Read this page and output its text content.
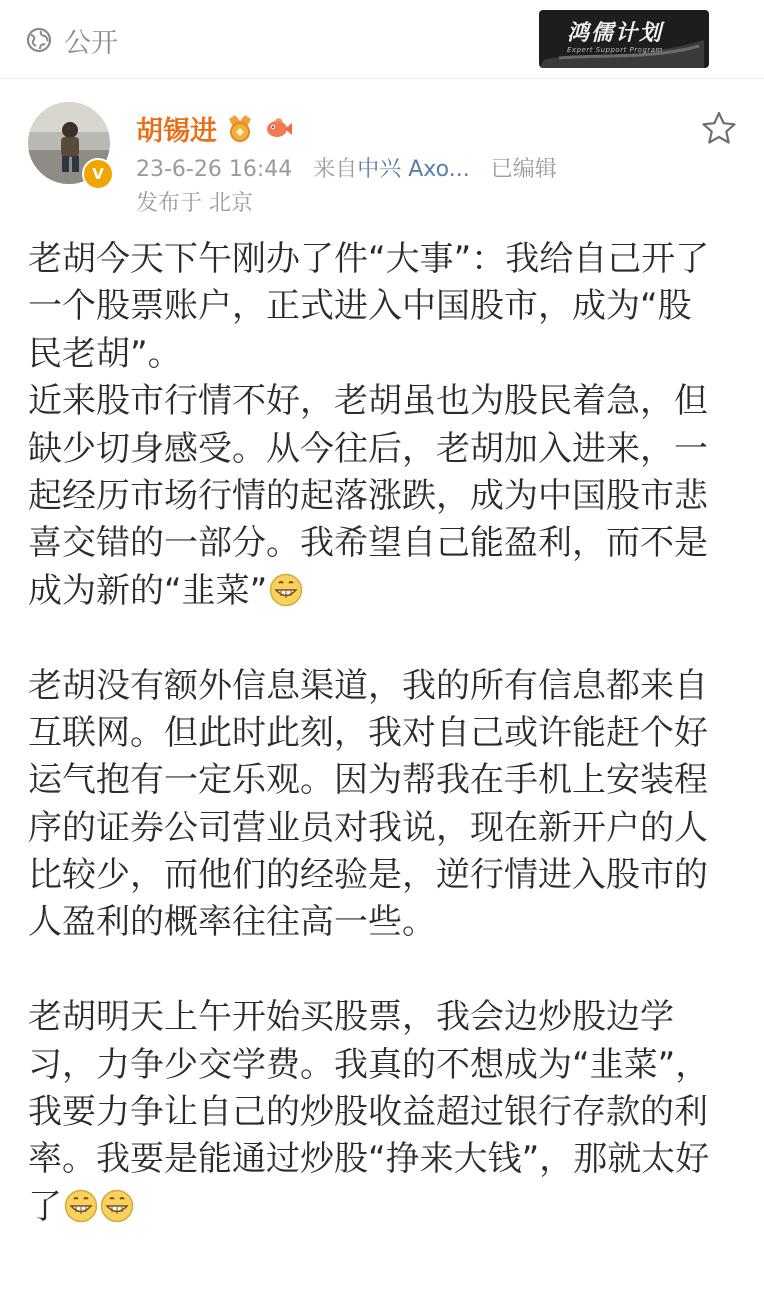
公开	鸿儒计划
Expert Support Program
V
胡锡进
23-6-26 16:44 来自中兴 Axo... 已编辑
发布于 北京
老胡今天下午刚办了件“大事”：我给自己开了
一个股票账户，正式进入中国股市，成为“股
民老胡”。
近来股市行情不好，老胡虽也为股民着急，但
缺少切身感受。从今往后，老胡加入进来，一
起经历市场行情的起落涨跌，成为中国股市悲
喜交错的一部分。我希望自己能盈利，而不是
成为新的“韭菜”
老胡没有额外信息渠道，我的所有信息都来自
互联网。但此时此刻，我对自己或许能赶个好
运气抱有一定乐观。因为帮我在手机上安装程
序的证券公司营业员对我说，现在新开户的人
比较少，而他们的经验是，逆行情进入股市的
人盈利的概率往往高一些。
老胡明天上午开始买股票，我会边炒股边学
习，力争少交学费。我真的不想成为“韭菜”，
我要力争让自己的炒股收益超过银行存款的利
率。我要是能通过炒股“挣来大钱”，那就太好
了
